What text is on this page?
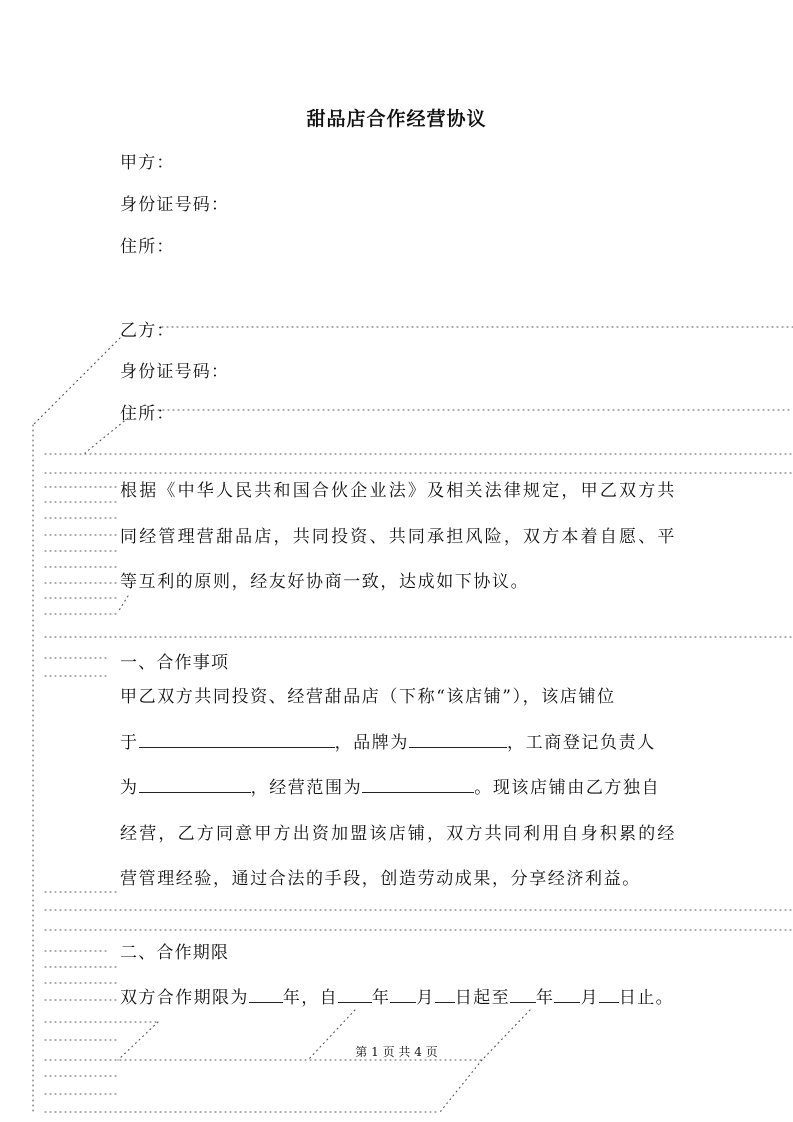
甜品店合作经营协议

甲方：

身份证号码：

住所：

乙方：

身份证号码：

住所：

根据《中华人民共和国合伙企业法》及相关法律规定，甲乙双方共同经管理营甜品店，共同投资、共同承担风险，双方本着自愿、平等互利的原则，经友好协商一致，达成如下协议。

一、合作事项

甲乙双方共同投资、经营甜品店（下称“该店铺”），该店铺位
于	，品牌为	，工商登记负责人
为	，经营范围为	。现该店铺由乙方独自
经营，乙方同意甲方出资加盟该店铺，双方共同利用自身积累的经营管理经验，通过合法的手段，创造劳动成果，分享经济利益。

二、合作期限

双方合作期限为 年，自 年 月 日起至 年 月 日止。

第 1 页 共 4 页
